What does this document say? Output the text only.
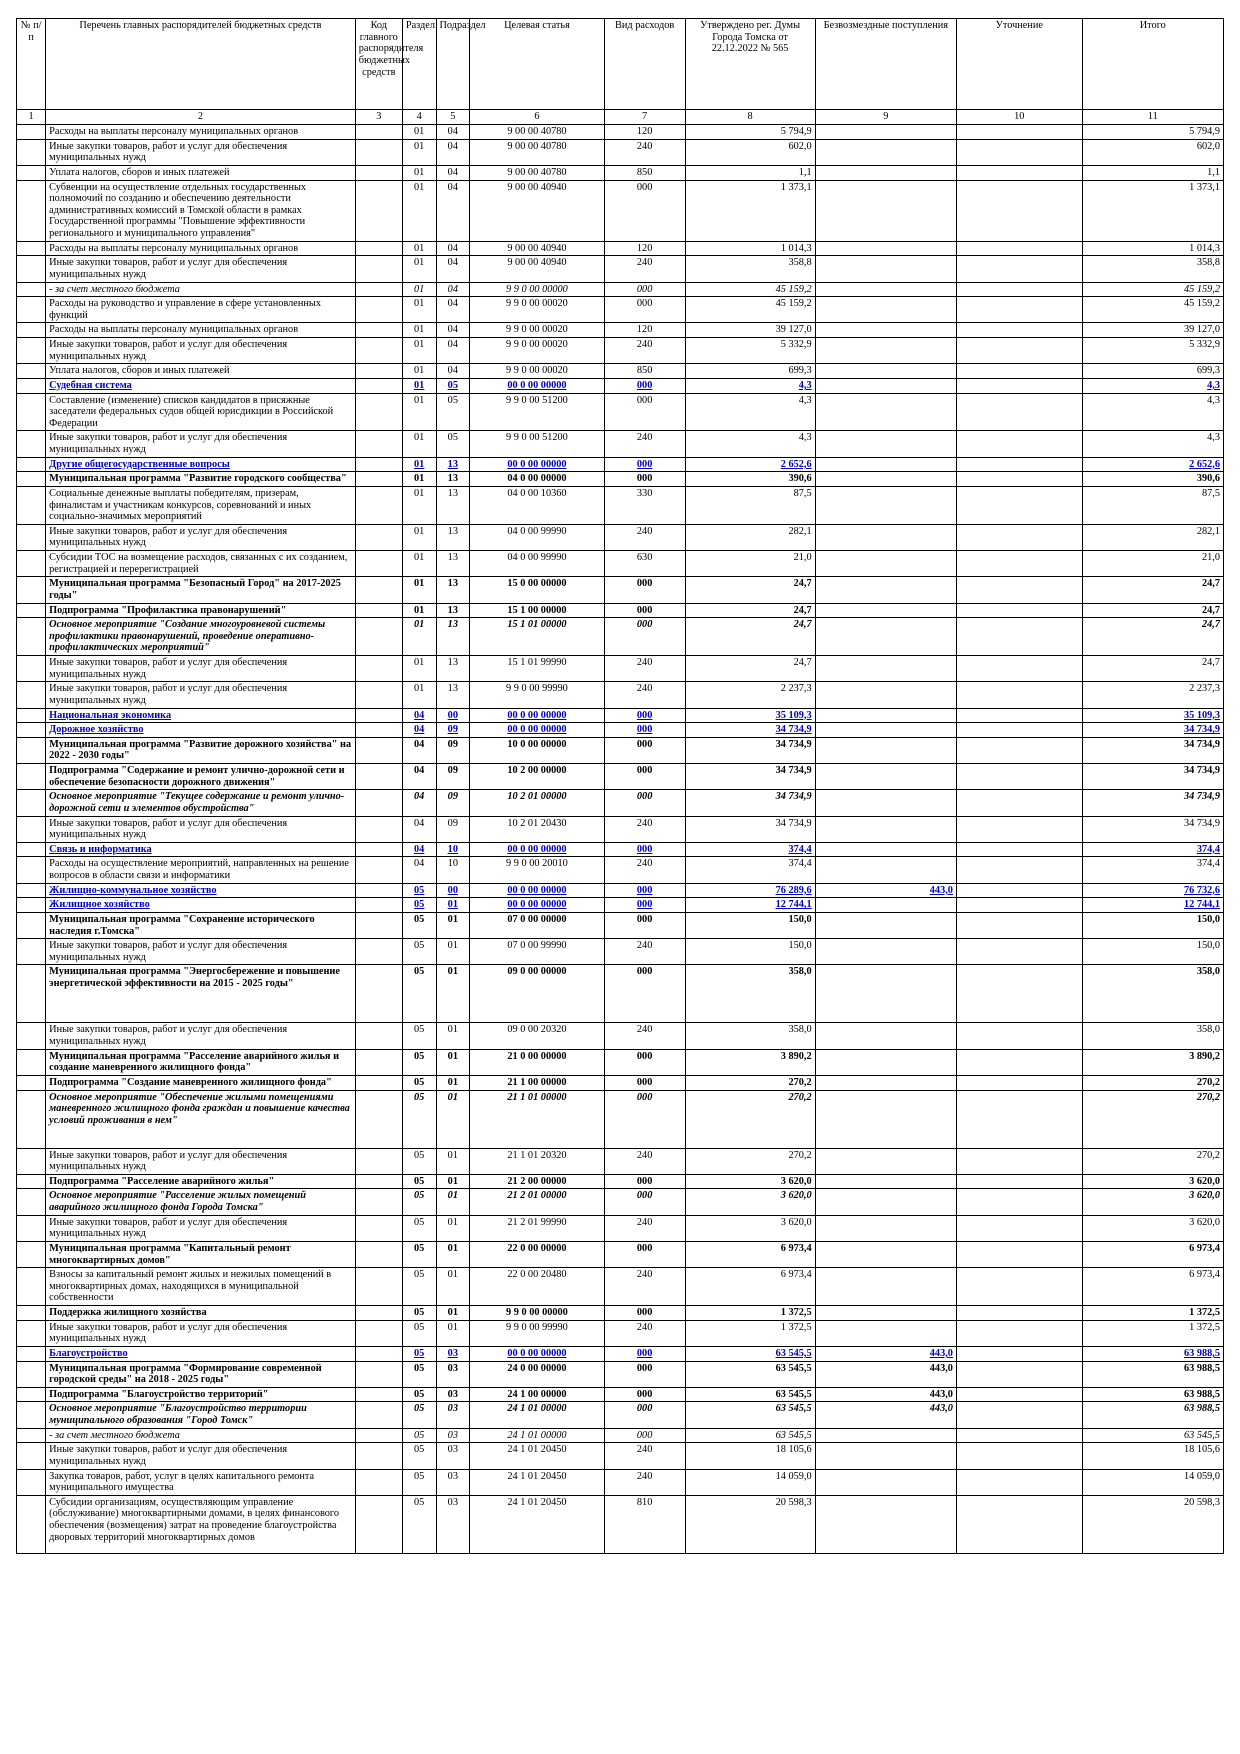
№ п/п	Перечень главных распорядителей бюджетных средств	Код главного распорядителя бюджетных средств	Раздел	Подраздел	Целевая статья	Вид расходов	Утверждено рег. Думы Города Томска от 22.12.2022 № 565	Безвозмездные поступления	Уточнение	Итого
1	2	3	4	5	6	7	8	9	10	11
	Расходы на выплаты персоналу муниципальных органов		01	04	9 00 00 40780	120	5 794,9			5 794,9
	Иные закупки товаров, работ и услуг для обеспечения муниципальных нужд		01	04	9 00 00 40780	240	602,0			602,0
	Уплата налогов, сборов и иных платежей		01	04	9 00 00 40780	850	1,1			1,1
	Субвенции на осуществление отдельных государственных полномочий по созданию и обеспечению деятельности административных комиссий в Томской области в рамках Государственной программы "Повышение эффективности регионального и муниципального управления"		01	04	9 00 00 40940	000	1 373,1			1 373,1
	Расходы на выплаты персоналу муниципальных органов		01	04	9 00 00 40940	120	1 014,3			1 014,3
	Иные закупки товаров, работ и услуг для обеспечения муниципальных нужд		01	04	9 00 00 40940	240	358,8			358,8
	- за счет местного бюджета		01	04	9 9 0 00 00000	000	45 159,2			45 159,2
	Расходы на руководство и управление в сфере установленных функций		01	04	9 9 0 00 00020	000	45 159,2			45 159,2
	Расходы на выплаты персоналу муниципальных органов		01	04	9 9 0 00 00020	120	39 127,0			39 127,0
	Иные закупки товаров, работ и услуг для обеспечения муниципальных нужд		01	04	9 9 0 00 00020	240	5 332,9			5 332,9
	Уплата налогов, сборов и иных платежей		01	04	9 9 0 00 00020	850	699,3			699,3
	Судебная система		01	05	00 0 00 00000	000	4,3			4,3
	Составление (изменение) списков кандидатов в присяжные заседатели федеральных судов общей юрисдикции в Российской Федерации		01	05	9 9 0 00 51200	000	4,3			4,3
	Иные закупки товаров, работ и услуг для обеспечения муниципальных нужд		01	05	9 9 0 00 51200	240	4,3			4,3
	Другие общегосударственные вопросы		01	13	00 0 00 00000	000	2 652,6			2 652,6
	Муниципальная программа "Развитие городского сообщества"		01	13	04 0 00 00000	000	390,6			390,6
	Социальные денежные выплаты победителям, призерам, финалистам и участникам конкурсов, соревнований и иных социально-значимых мероприятий		01	13	04 0 00 10360	330	87,5			87,5
	Иные закупки товаров, работ и услуг для обеспечения муниципальных нужд		01	13	04 0 00 99990	240	282,1			282,1
	Субсидии ТОС на возмещение расходов, связанных с их созданием, регистрацией и перерегистрацией		01	13	04 0 00 99990	630	21,0			21,0
	Муниципальная программа "Безопасный Город" на 2017-2025 годы"		01	13	15 0 00 00000	000	24,7			24,7
	Подпрограмма "Профилактика правонарушений"		01	13	15 1 00 00000	000	24,7			24,7
	Основное мероприятие "Создание многоуровневой системы профилактики правонарушений, проведение оперативно-профилактических мероприятий"		01	13	15 1 01 00000	000	24,7			24,7
	Иные закупки товаров, работ и услуг для обеспечения муниципальных нужд		01	13	15 1 01 99990	240	24,7			24,7
	Иные закупки товаров, работ и услуг для обеспечения муниципальных нужд		01	13	9 9 0 00 99990	240	2 237,3			2 237,3
	Национальная экономика		04	00	00 0 00 00000	000	35 109,3			35 109,3
	Дорожное хозяйство		04	09	00 0 00 00000	000	34 734,9			34 734,9
	Муниципальная программа "Развитие дорожного хозяйства" на 2022 - 2030 годы"		04	09	10 0 00 00000	000	34 734,9			34 734,9
	Подпрограмма "Содержание и ремонт улично-дорожной сети и обеспечение безопасности дорожного движения"		04	09	10 2 00 00000	000	34 734,9			34 734,9
	Основное мероприятие "Текущее содержание и ремонт улично-дорожной сети и элементов обустройства"		04	09	10 2 01 00000	000	34 734,9			34 734,9
	Иные закупки товаров, работ и услуг для обеспечения муниципальных нужд		04	09	10 2 01 20430	240	34 734,9			34 734,9
	Связь и информатика		04	10	00 0 00 00000	000	374,4			374,4
	Расходы на осуществление мероприятий, направленных на решение вопросов в области связи и информатики		04	10	9 9 0 00 20010	240	374,4			374,4
	Жилищно-коммунальное хозяйство		05	00	00 0 00 00000	000	76 289,6	443,0		76 732,6
	Жилищное хозяйство		05	01	00 0 00 00000	000	12 744,1			12 744,1
	Муниципальная программа "Сохранение исторического наследия г.Томска"		05	01	07 0 00 00000	000	150,0			150,0
	Иные закупки товаров, работ и услуг для обеспечения муниципальных нужд		05	01	07 0 00 99990	240	150,0			150,0
	Муниципальная программа "Энергосбережение и повышение энергетической эффективности на 2015 - 2025 годы"		05	01	09 0 00 00000	000	358,0			358,0
	Иные закупки товаров, работ и услуг для обеспечения муниципальных нужд		05	01	09 0 00 20320	240	358,0			358,0
	Муниципальная программа "Расселение аварийного жилья и создание маневренного жилищного фонда"		05	01	21 0 00 00000	000	3 890,2			3 890,2
	Подпрограмма "Создание маневренного жилищного фонда"		05	01	21 1 00 00000	000	270,2			270,2
	Основное мероприятие "Обеспечение жилыми помещениями маневренного жилищного фонда граждан и повышение качества условий проживания в нем"		05	01	21 1 01 00000	000	270,2			270,2
	Иные закупки товаров, работ и услуг для обеспечения муниципальных нужд		05	01	21 1 01 20320	240	270,2			270,2
	Подпрограмма "Расселение аварийного жилья"		05	01	21 2 00 00000	000	3 620,0			3 620,0
	Основное мероприятие "Расселение жилых помещений аварийного жилищного фонда Города Томска"		05	01	21 2 01 00000	000	3 620,0			3 620,0
	Иные закупки товаров, работ и услуг для обеспечения муниципальных нужд		05	01	21 2 01 99990	240	3 620,0			3 620,0
	Муниципальная программа "Капитальный ремонт многоквартирных домов"		05	01	22 0 00 00000	000	6 973,4			6 973,4
	Взносы за капитальный ремонт жилых и нежилых помещений в многоквартирных домах, находящихся в муниципальной собственности		05	01	22 0 00 20480	240	6 973,4			6 973,4
	Поддержка жилищного хозяйства		05	01	9 9 0 00 00000	000	1 372,5			1 372,5
	Иные закупки товаров, работ и услуг для обеспечения муниципальных нужд		05	01	9 9 0 00 99990	240	1 372,5			1 372,5
	Благоустройство		05	03	00 0 00 00000	000	63 545,5	443,0		63 988,5
	Муниципальная программа "Формирование современной городской среды" на 2018 - 2025 годы"		05	03	24 0 00 00000	000	63 545,5	443,0		63 988,5
	Подпрограмма "Благоустройство территорий"		05	03	24 1 00 00000	000	63 545,5	443,0		63 988,5
	Основное мероприятие "Благоустройство территории муниципального образования "Город Томск"		05	03	24 1 01 00000	000	63 545,5	443,0		63 988,5
	- за счет местного бюджета		05	03	24 1 01 00000	000	63 545,5			63 545,5
	Иные закупки товаров, работ и услуг для обеспечения муниципальных нужд		05	03	24 1 01 20450	240	18 105,6			18 105,6
	Закупка товаров, работ, услуг в целях капитального ремонта муниципального имущества		05	03	24 1 01 20450	240	14 059,0			14 059,0
	Субсидии организациям, осуществляющим управление (обслуживание) многоквартирными домами, в целях финансового обеспечения (возмещения) затрат на проведение благоустройства дворовых территорий многоквартирных домов		05	03	24 1 01 20450	810	20 598,3			20 598,3
